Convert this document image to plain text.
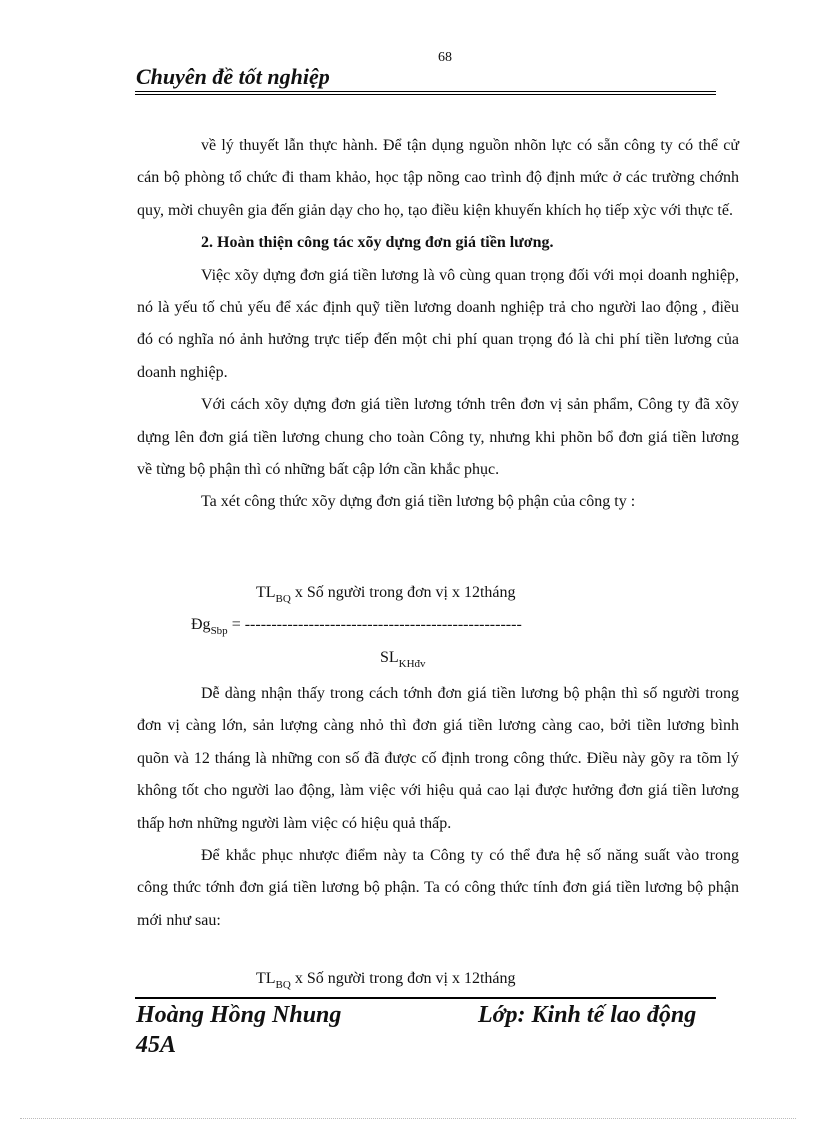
68
Chuyên đề tốt nghiệp

về lý thuyết lẫn thực hành. Để tận dụng nguồn nhõn lực có sẵn công ty có thể cử cán bộ phòng tổ chức đi tham khảo, học tập nõng cao trình độ định mức ở các trường chớnh quy, mời chuyên gia đến giản dạy cho họ, tạo điều kiện khuyến khích họ tiếp xỳc với thực tế.

2. Hoàn thiện công tác xõy dựng đơn giá tiền lương.

Việc xõy dựng đơn giá tiền lương là vô cùng quan trọng đối với mọi doanh nghiệp, nó là yếu tố chủ yếu để xác định quỹ tiền lương doanh nghiệp trả cho người lao động , điều đó có nghĩa nó ảnh hưởng trực tiếp đến một chi phí quan trọng đó là chi phí tiền lương của doanh nghiệp.

Với cách xõy dựng đơn giá tiền lương tớnh trên đơn vị sản phẩm, Công ty đã xõy dựng lên đơn giá tiền lương chung cho toàn Công ty, nhưng khi phõn bổ đơn giá tiền lương về từng bộ phận thì có những bất cập lớn cần khắc phục.

Ta xét công thức xõy dựng đơn giá tiền lương bộ phận của công ty :

$TL_{BQ}$ x Số người trong đơn vị x 12tháng
$Đg_{Sbp}$ = ----------------------------------------------------
$SL_{KHđv}$

Dễ dàng nhận thấy trong cách tớnh đơn giá tiền lương bộ phận thì số người trong đơn vị càng lớn, sản lượng càng nhỏ thì đơn giá tiền lương càng cao, bởi tiền lương bình quõn và 12 tháng là những con số đã được cố định trong công thức. Điều này gõy ra tõm lý không tốt cho người lao động, làm việc với hiệu quả cao lại được hưởng đơn giá tiền lương thấp hơn những người làm việc có hiệu quả thấp.

Để khắc phục nhược điểm này ta Công ty có thể đưa hệ số năng suất vào trong công thức tớnh đơn giá tiền lương bộ phận. Ta có công thức tính đơn giá tiền lương bộ phận mới như sau:

$TL_{BQ}$ x Số người trong đơn vị x 12tháng
Hoàng Hồng Nhung
45A
Lớp: Kinh tế lao động
